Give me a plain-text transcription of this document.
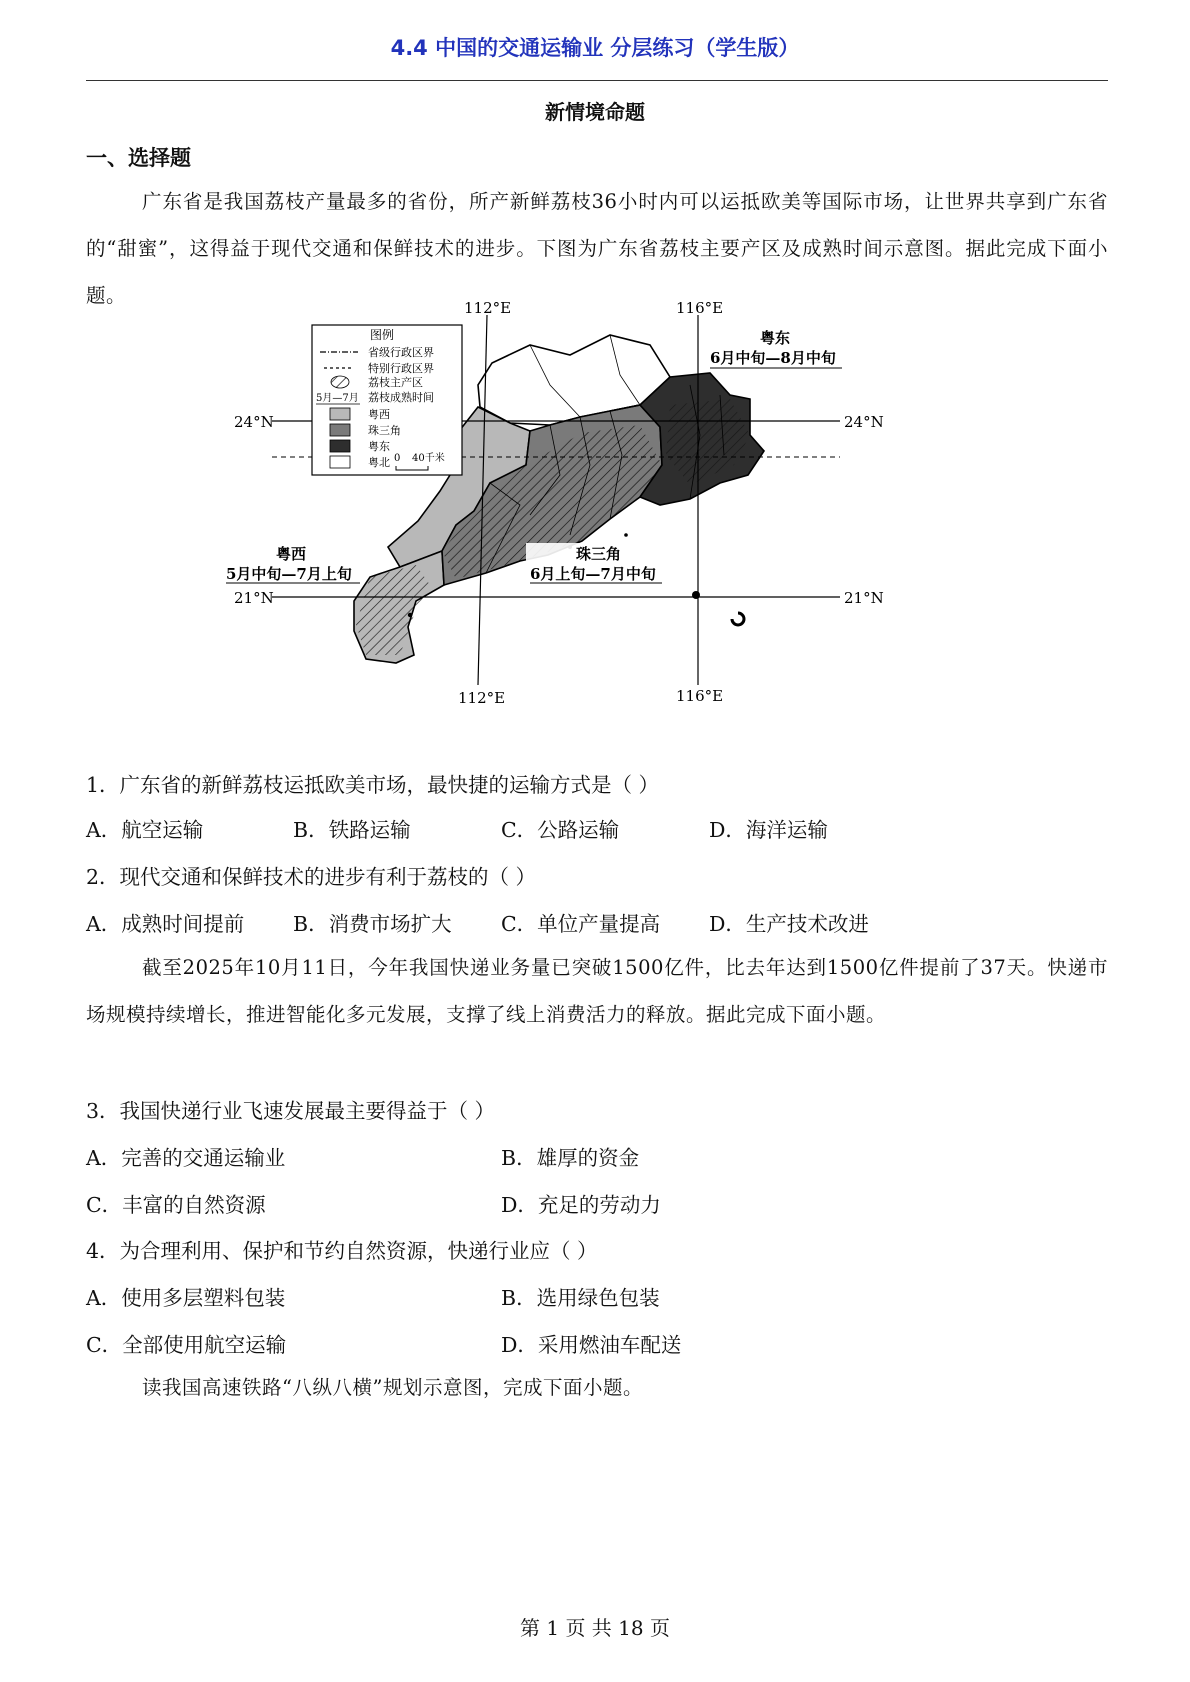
4.4 中国的交通运输业 分层练习（学生版）
新情境命题
一、选择题
广东省是我国荔枝产量最多的省份，所产新鲜荔枝36小时内可以运抵欧美等国际市场，让世界共享到广东省的“甜蜜”，这得益于现代交通和保鲜技术的进步。下图为广东省荔枝主要产区及成熟时间示意图。据此完成下面小题。
112°E	116°E
112°E	116°E
24°N	24°N
21°N	21°N
粤东
6月中旬—8月中旬
粤西
5月中旬—7月上旬
珠三角
6月上旬—7月中旬
图例
省级行政区界
特别行政区界
荔枝主产区
5月—7月 荔枝成熟时间
粤西
珠三角
粤东
粤北 0 40千米
1．广东省的新鲜荔枝运抵欧美市场，最快捷的运输方式是（ ）
A．航空运输	B．铁路运输	C．公路运输	D．海洋运输
2．现代交通和保鲜技术的进步有利于荔枝的（ ）
A．成熟时间提前 B．消费市场扩大 C．单位产量提高 D．生产技术改进
截至2025年10月11日，今年我国快递业务量已突破1500亿件，比去年达到1500亿件提前了37天。快递市场规模持续增长，推进智能化多元发展，支撑了线上消费活力的释放。据此完成下面小题。
3．我国快递行业飞速发展最主要得益于（ ）
A．完善的交通运输业	B．雄厚的资金
C．丰富的自然资源	D．充足的劳动力
4．为合理利用、保护和节约自然资源，快递行业应（ ）
A．使用多层塑料包装	B．选用绿色包装
C．全部使用航空运输	D．采用燃油车配送
读我国高速铁路“八纵八横”规划示意图，完成下面小题。
第 1 页 共 18 页
